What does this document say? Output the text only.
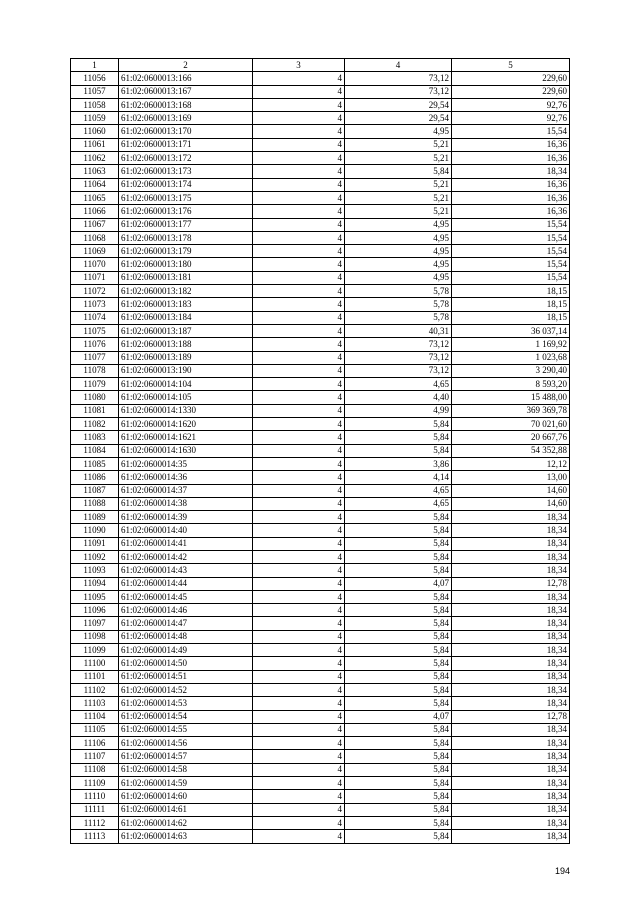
1	2	3	4	5
11056	61:02:0600013:166	4	73,12	229,60
11057	61:02:0600013:167	4	73,12	229,60
11058	61:02:0600013:168	4	29,54	92,76
11059	61:02:0600013:169	4	29,54	92,76
11060	61:02:0600013:170	4	4,95	15,54
11061	61:02:0600013:171	4	5,21	16,36
11062	61:02:0600013:172	4	5,21	16,36
11063	61:02:0600013:173	4	5,84	18,34
11064	61:02:0600013:174	4	5,21	16,36
11065	61:02:0600013:175	4	5,21	16,36
11066	61:02:0600013:176	4	5,21	16,36
11067	61:02:0600013:177	4	4,95	15,54
11068	61:02:0600013:178	4	4,95	15,54
11069	61:02:0600013:179	4	4,95	15,54
11070	61:02:0600013:180	4	4,95	15,54
11071	61:02:0600013:181	4	4,95	15,54
11072	61:02:0600013:182	4	5,78	18,15
11073	61:02:0600013:183	4	5,78	18,15
11074	61:02:0600013:184	4	5,78	18,15
11075	61:02:0600013:187	4	40,31	36 037,14
11076	61:02:0600013:188	4	73,12	1 169,92
11077	61:02:0600013:189	4	73,12	1 023,68
11078	61:02:0600013:190	4	73,12	3 290,40
11079	61:02:0600014:104	4	4,65	8 593,20
11080	61:02:0600014:105	4	4,40	15 488,00
11081	61:02:0600014:1330	4	4,99	369 369,78
11082	61:02:0600014:1620	4	5,84	70 021,60
11083	61:02:0600014:1621	4	5,84	20 667,76
11084	61:02:0600014:1630	4	5,84	54 352,88
11085	61:02:0600014:35	4	3,86	12,12
11086	61:02:0600014:36	4	4,14	13,00
11087	61:02:0600014:37	4	4,65	14,60
11088	61:02:0600014:38	4	4,65	14,60
11089	61:02:0600014:39	4	5,84	18,34
11090	61:02:0600014:40	4	5,84	18,34
11091	61:02:0600014:41	4	5,84	18,34
11092	61:02:0600014:42	4	5,84	18,34
11093	61:02:0600014:43	4	5,84	18,34
11094	61:02:0600014:44	4	4,07	12,78
11095	61:02:0600014:45	4	5,84	18,34
11096	61:02:0600014:46	4	5,84	18,34
11097	61:02:0600014:47	4	5,84	18,34
11098	61:02:0600014:48	4	5,84	18,34
11099	61:02:0600014:49	4	5,84	18,34
11100	61:02:0600014:50	4	5,84	18,34
11101	61:02:0600014:51	4	5,84	18,34
11102	61:02:0600014:52	4	5,84	18,34
11103	61:02:0600014:53	4	5,84	18,34
11104	61:02:0600014:54	4	4,07	12,78
11105	61:02:0600014:55	4	5,84	18,34
11106	61:02:0600014:56	4	5,84	18,34
11107	61:02:0600014:57	4	5,84	18,34
11108	61:02:0600014:58	4	5,84	18,34
11109	61:02:0600014:59	4	5,84	18,34
11110	61:02:0600014:60	4	5,84	18,34
11111	61:02:0600014:61	4	5,84	18,34
11112	61:02:0600014:62	4	5,84	18,34
11113	61:02:0600014:63	4	5,84	18,34
194
